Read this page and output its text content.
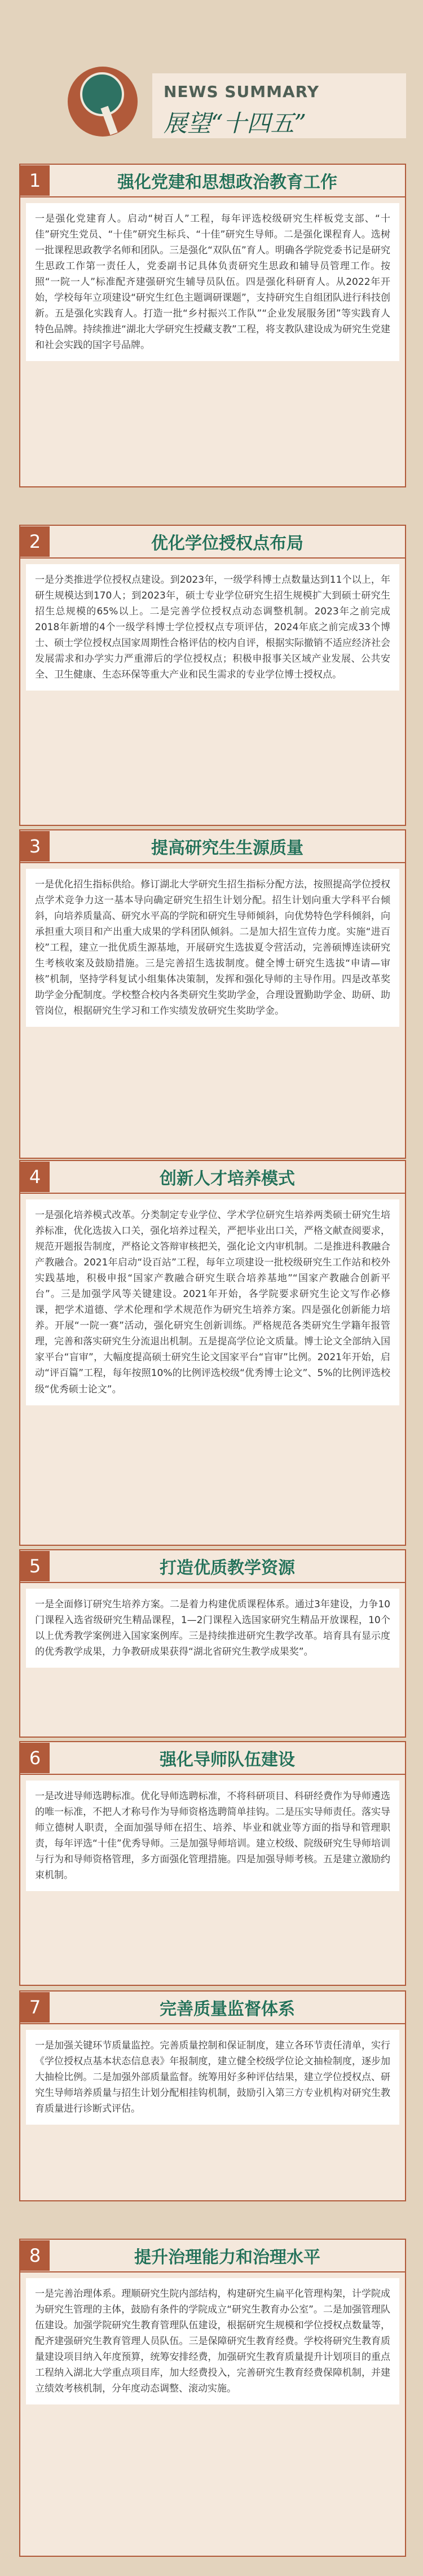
NEWS SUMMARY
展望“十四五”
1	强化党建和思想政治教育工作

一是强化党建育人。启动“树百人”工程，每年评选校级研究生样板党支部、“十佳”研究生党员、“十佳”研究生标兵、“十佳”研究生导师。二是强化课程育人。选树一批课程思政教学名师和团队。三是强化“双队伍”育人。明确各学院党委书记是研究生思政工作第一责任人，党委副书记具体负责研究生思政和辅导员管理工作。按照“一院一人”标准配齐建强研究生辅导员队伍。四是强化科研育人。从2022年开始，学校每年立项建设“研究生红色主题调研课题”，支持研究生自组团队进行科技创新。五是强化实践育人。打造一批“乡村振兴工作队”“企业发展服务团”等实践育人特色品牌。持续推进“湖北大学研究生授藏支教”工程，将支教队建设成为研究生党建和社会实践的国字号品牌。

2	优化学位授权点布局

一是分类推进学位授权点建设。到2023年，一级学科博士点数量达到11个以上，年研生规模达到170人；到2023年，硕士专业学位研究生招生规模扩大到硕士研究生招生总规模的65%以上。二是完善学位授权点动态调整机制。2023年之前完成2018年新增的4个一级学科博士学位授权点专项评估，2024年底之前完成33个博士、硕士学位授权点国家周期性合格评估的校内自评，根据实际撤销不适应经济社会发展需求和办学实力严重滞后的学位授权点；积极申报事关区域产业发展、公共安全、卫生健康、生态环保等重大产业和民生需求的专业学位博士授权点。

3	提高研究生生源质量

一是优化招生指标供给。修订湖北大学研究生招生指标分配方法，按照提高学位授权点学术竞争力这一基本导向确定研究生招生计划分配。招生计划向重大学科平台倾斜，向培养质量高、研究水平高的学院和研究生导师倾斜，向优势特色学科倾斜，向承担重大项目和产出重大成果的学科团队倾斜。二是加大招生宣传力度。实施“进百校”工程，建立一批优质生源基地，开展研究生选拔夏令营活动，完善硕博连读研究生考核收案及鼓励措施。三是完善招生选拔制度。健全博士研究生选拔“申请—审核”机制，坚持学科复试小组集体决策制，发挥和强化导师的主导作用。四是改革奖助学金分配制度。学校整合校内各类研究生奖助学金，合理设置勤助学金、助研、助管岗位，根据研究生学习和工作实绩发放研究生奖助学金。

4	创新人才培养模式

一是强化培养模式改革。分类制定专业学位、学术学位研究生培养两类硕士研究生培养标准，优化选拔入口关，强化培养过程关，严把毕业出口关，严格文献查阅要求，规范开题报告制度，严格论文答辩审核把关，强化论文内审机制。二是推进科教融合产教融合。2021年启动“设百站”工程，每年立项建设一批校级研究生工作站和校外实践基地，积极申报“国家产教融合研究生联合培养基地”“国家产教融合创新平台”。三是加强学风等关键建设。2021年开始，各学院要求研究生论文写作必修课，把学术道德、学术伦理和学术规范作为研究生培养方案。四是强化创新能力培养。开展“一院一赛”活动，强化研究生创新训练。严格规范各类研究生学籍年报管理，完善和落实研究生分流退出机制。五是提高学位论文质量。博士论文全部纳入国家平台“盲审”，大幅度提高硕士研究生论文国家平台“盲审”比例。2021年开始，启动“评百篇”工程，每年按照10%的比例评选校级“优秀博士论文”、5%的比例评选校级“优秀硕士论文”。

5	打造优质教学资源

一是全面修订研究生培养方案。二是着力构建优质课程体系。通过3年建设，力争10门课程入选省级研究生精品课程，1—2门课程入选国家研究生精品开放课程，10个以上优秀教学案例进入国家案例库。三是持续推进研究生教学改革。培育具有显示度的优秀教学成果，力争教研成果获得“湖北省研究生教学成果奖”。

6	强化导师队伍建设

一是改进导师选聘标准。优化导师选聘标准，不将科研项目、科研经费作为导师遴选的唯一标准，不把人才称号作为导师资格选聘简单挂钩。二是压实导师责任。落实导师立德树人职责，全面加强导师在招生、培养、毕业和就业等方面的指导和管理职责，每年评选“十佳”优秀导师。三是加强导师培训。建立校级、院级研究生导师培训与行为和导师资格管理，多方面强化管理措施。四是加强导师考核。五是建立激励约束机制。

7	完善质量监督体系

一是加强关键环节质量监控。完善质量控制和保证制度，建立各环节责任清单，实行《学位授权点基本状态信息表》年报制度，建立健全校级学位论文抽检制度，逐步加大抽检比例。二是加强外部质量监督。统筹用好多种评估结果，建立学位授权点、研究生导师培养质量与招生计划分配相挂钩机制，鼓励引入第三方专业机构对研究生教育质量进行诊断式评估。

8	提升治理能力和治理水平

一是完善治理体系。理顺研究生院内部结构，构建研究生扁平化管理构架，计学院成为研究生管理的主体，鼓励有条件的学院成立“研究生教育办公室”。二是加强管理队伍建设。加强学院研究生教育管理队伍建设，根据研究生规模和学位授权点数量等，配齐建强研究生教育管理人员队伍。三是保障研究生教育经费。学校将研究生教育质量建设项目纳入年度预算，统筹安排经费，加强研究生教育质量提升计划项目的重点工程纳入湖北大学重点项目库，加大经费投入，完善研究生教育经费保障机制，并建立绩效考核机制，分年度动态调整、滚动实施。
